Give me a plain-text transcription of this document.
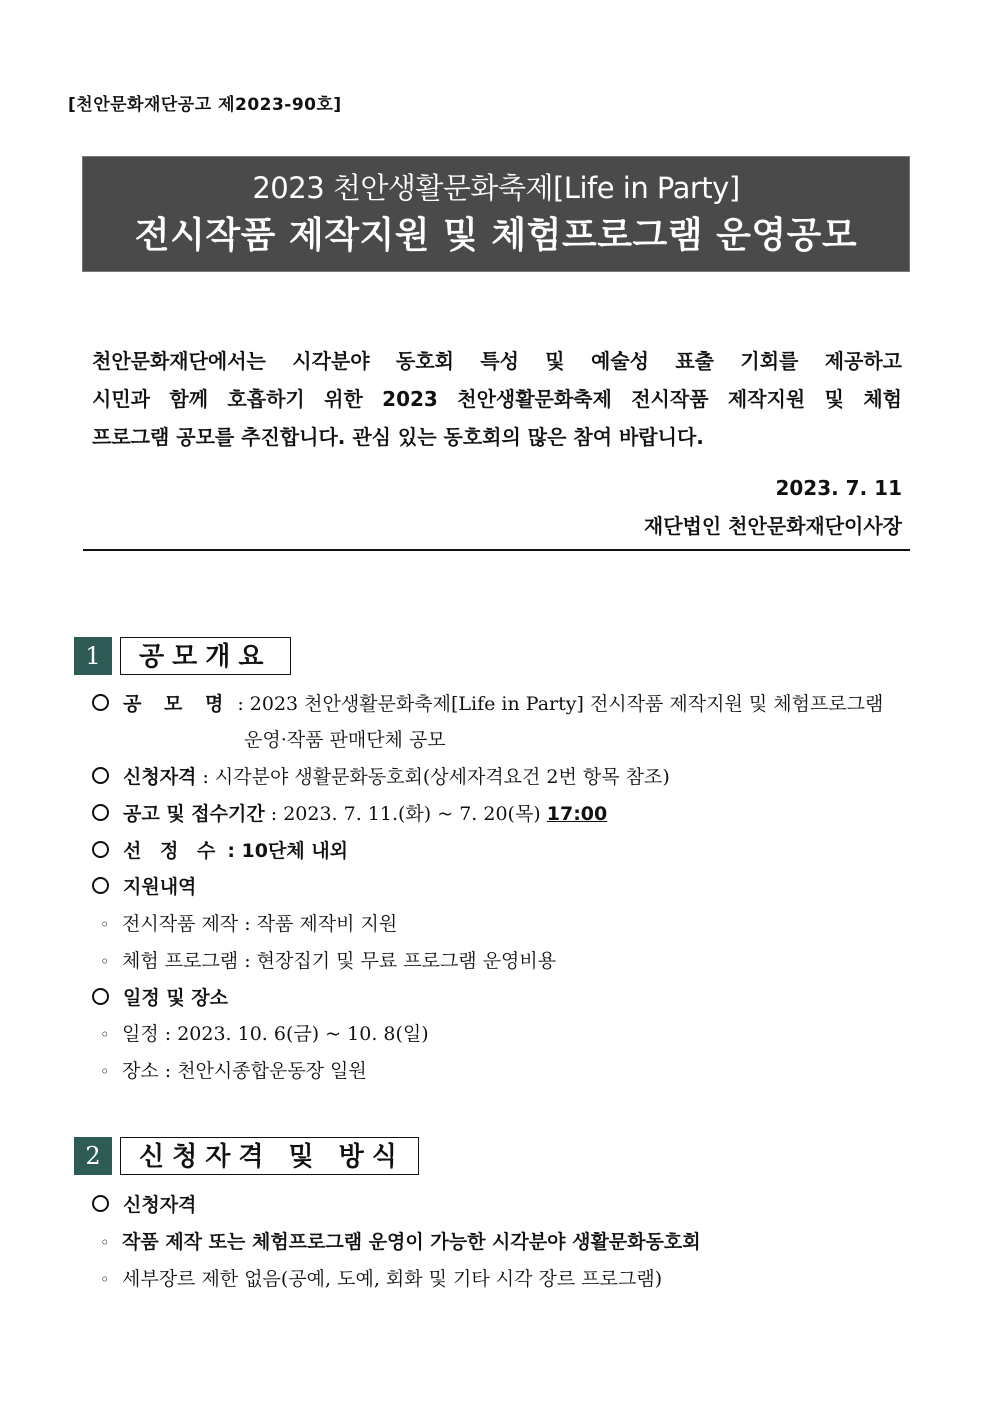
[천안문화재단공고 제2023-90호]
2023 천안생활문화축제[Life in Party]
전시작품 제작지원 및 체험프로그램 운영공모
천안문화재단에서는 시각분야 동호회 특성 및 예술성 표출 기회를 제공하고
시민과 함께 호흡하기 위한 2023 천안생활문화축제 전시작품 제작지원 및 체험
프로그램 공모를 추진합니다. 관심 있는 동호회의 많은 참여 바랍니다.
2023. 7. 11
재단법인 천안문화재단이사장
1	공모개요
공 모 명 : 2023 천안생활문화축제[Life in Party] 전시작품 제작지원 및 체험프로그램
운영·작품 판매단체 공모
신청자격 : 시각분야 생활문화동호회(상세자격요건 2번 항목 참조)
공고 및 접수기간 : 2023. 7. 11.(화) ~ 7. 20(목) 17:00
선 정 수 : 10단체 내외
지원내역
◦ 전시작품 제작 : 작품 제작비 지원
◦ 체험 프로그램 : 현장집기 및 무료 프로그램 운영비용
일정 및 장소
◦ 일정 : 2023. 10. 6(금) ~ 10. 8(일)
◦ 장소 : 천안시종합운동장 일원
2	신청자격 및 방식
신청자격
◦ 작품 제작 또는 체험프로그램 운영이 가능한 시각분야 생활문화동호회
◦ 세부장르 제한 없음(공예, 도예, 회화 및 기타 시각 장르 프로그램)
